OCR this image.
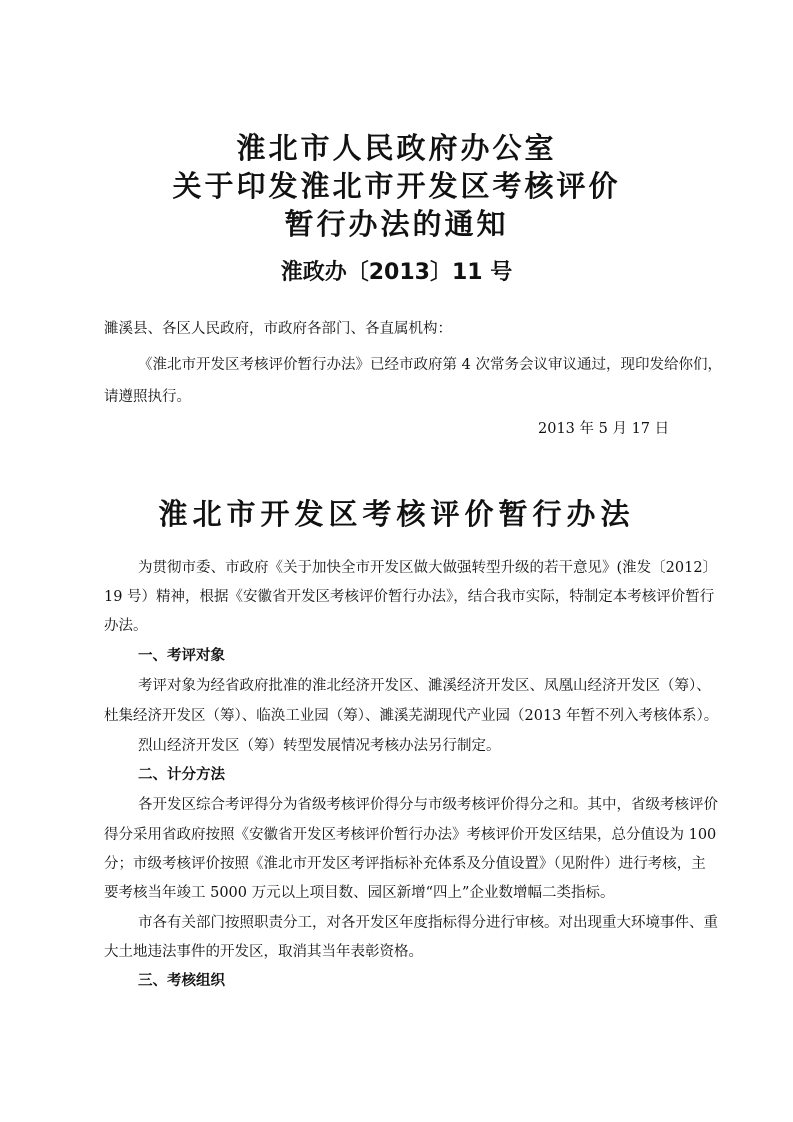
淮北市人民政府办公室
关于印发淮北市开发区考核评价
暂行办法的通知
淮政办〔2013〕11 号
濉溪县、各区人民政府，市政府各部门、各直属机构：
《淮北市开发区考核评价暂行办法》已经市政府第 4 次常务会议审议通过，现印发给你们，
请遵照执行。
2013 年 5 月 17 日
淮北市开发区考核评价暂行办法
为贯彻市委、市政府《关于加快全市开发区做大做强转型升级的若干意见》(淮发〔2012〕
19 号）精神，根据《安徽省开发区考核评价暂行办法》，结合我市实际，特制定本考核评价暂行
办法。
一、考评对象
考评对象为经省政府批准的淮北经济开发区、濉溪经济开发区、凤凰山经济开发区（筹）、
杜集经济开发区（筹）、临涣工业园（筹）、濉溪芜湖现代产业园（2013 年暂不列入考核体系）。
烈山经济开发区（筹）转型发展情况考核办法另行制定。
二、计分方法
各开发区综合考评得分为省级考核评价得分与市级考核评价得分之和。其中，省级考核评价
得分采用省政府按照《安徽省开发区考核评价暂行办法》考核评价开发区结果，总分值设为 100
分；市级考核评价按照《淮北市开发区考评指标补充体系及分值设置》（见附件）进行考核，主
要考核当年竣工 5000 万元以上项目数、园区新增“四上”企业数增幅二类指标。
市各有关部门按照职责分工，对各开发区年度指标得分进行审核。对出现重大环境事件、重
大土地违法事件的开发区，取消其当年表彰资格。
三、考核组织
